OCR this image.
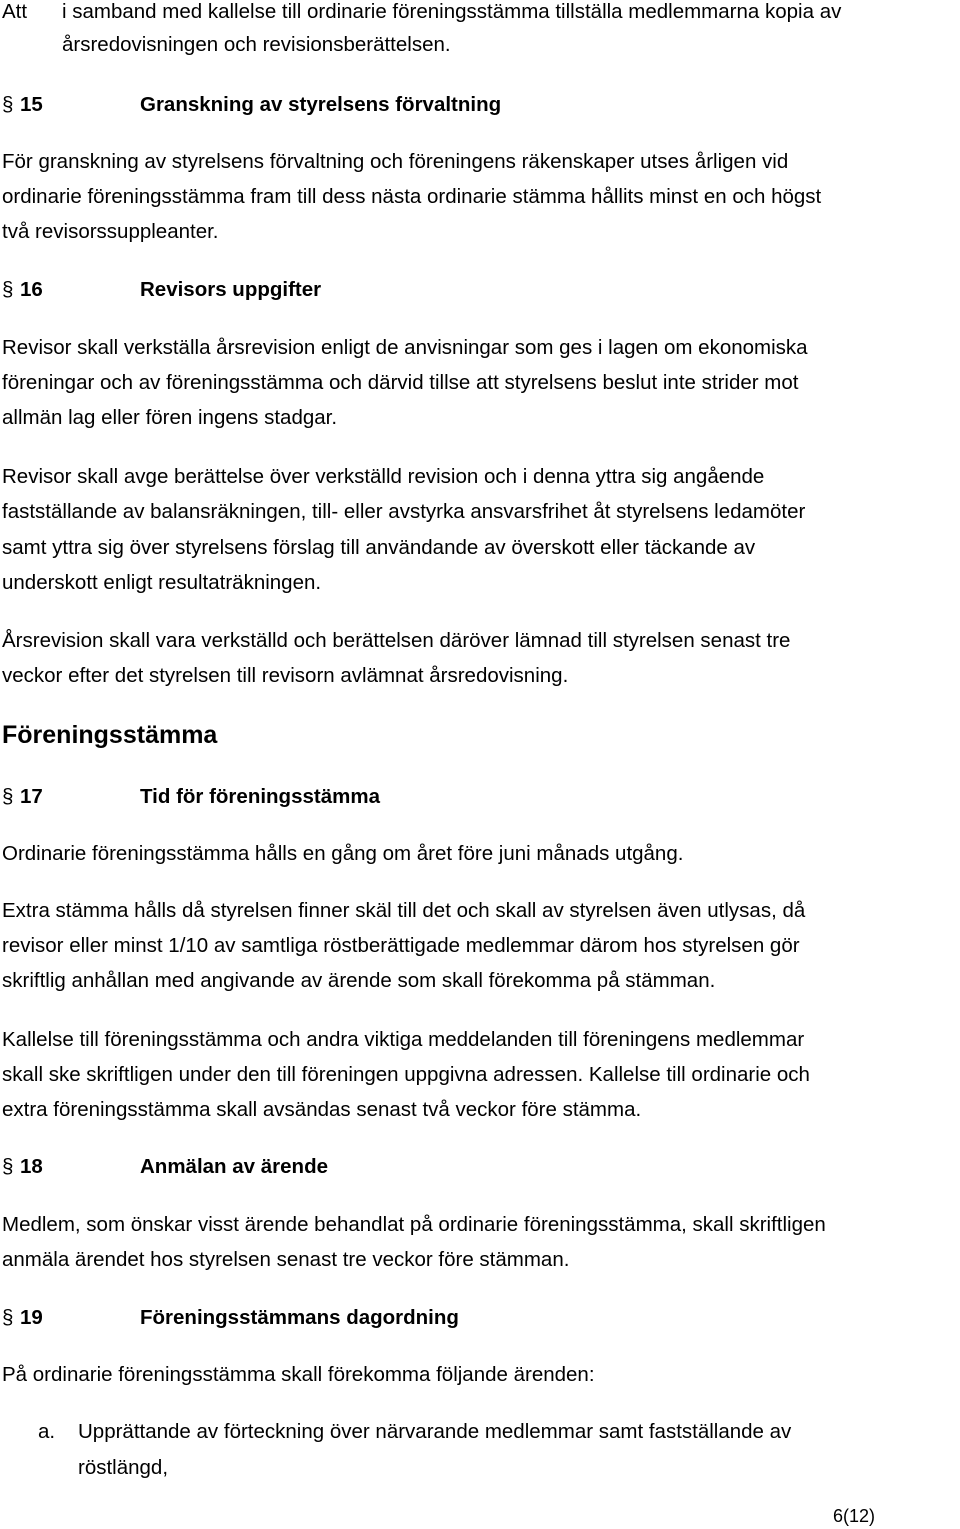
Att i samband med kallelse till ordinarie föreningsstämma tillställa medlemmarna kopia av
årsredovisningen och revisionsberättelsen.
§ 15	Granskning av styrelsens förvaltning
För granskning av styrelsens förvaltning och föreningens räkenskaper utses årligen vid
ordinarie föreningsstämma fram till dess nästa ordinarie stämma hållits minst en och högst
två revisorssuppleanter.
§ 16	Revisors uppgifter
Revisor skall verkställa årsrevision enligt de anvisningar som ges i lagen om ekonomiska
föreningar och av föreningsstämma och därvid tillse att styrelsens beslut inte strider mot
allmän lag eller fören ingens stadgar.
Revisor skall avge berättelse över verkställd revision och i denna yttra sig angående
fastställande av balansräkningen, till- eller avstyrka ansvarsfrihet åt styrelsens ledamöter
samt yttra sig över styrelsens förslag till användande av överskott eller täckande av
underskott enligt resultaträkningen.
Årsrevision skall vara verkställd och berättelsen däröver lämnad till styrelsen senast tre
veckor efter det styrelsen till revisorn avlämnat årsredovisning.
Föreningsstämma
§ 17	Tid för föreningsstämma
Ordinarie föreningsstämma hålls en gång om året före juni månads utgång.
Extra stämma hålls då styrelsen finner skäl till det och skall av styrelsen även utlysas, då
revisor eller minst 1/10 av samtliga röstberättigade medlemmar därom hos styrelsen gör
skriftlig anhållan med angivande av ärende som skall förekomma på stämman.
Kallelse till föreningsstämma och andra viktiga meddelanden till föreningens medlemmar
skall ske skriftligen under den till föreningen uppgivna adressen. Kallelse till ordinarie och
extra föreningsstämma skall avsändas senast två veckor före stämma.
§ 18	Anmälan av ärende
Medlem, som önskar visst ärende behandlat på ordinarie föreningsstämma, skall skriftligen
anmäla ärendet hos styrelsen senast tre veckor före stämman.
§ 19	Föreningsstämmans dagordning
På ordinarie föreningsstämma skall förekomma följande ärenden:
a. Upprättande av förteckning över närvarande medlemmar samt fastställande av
röstlängd,
6(12)
